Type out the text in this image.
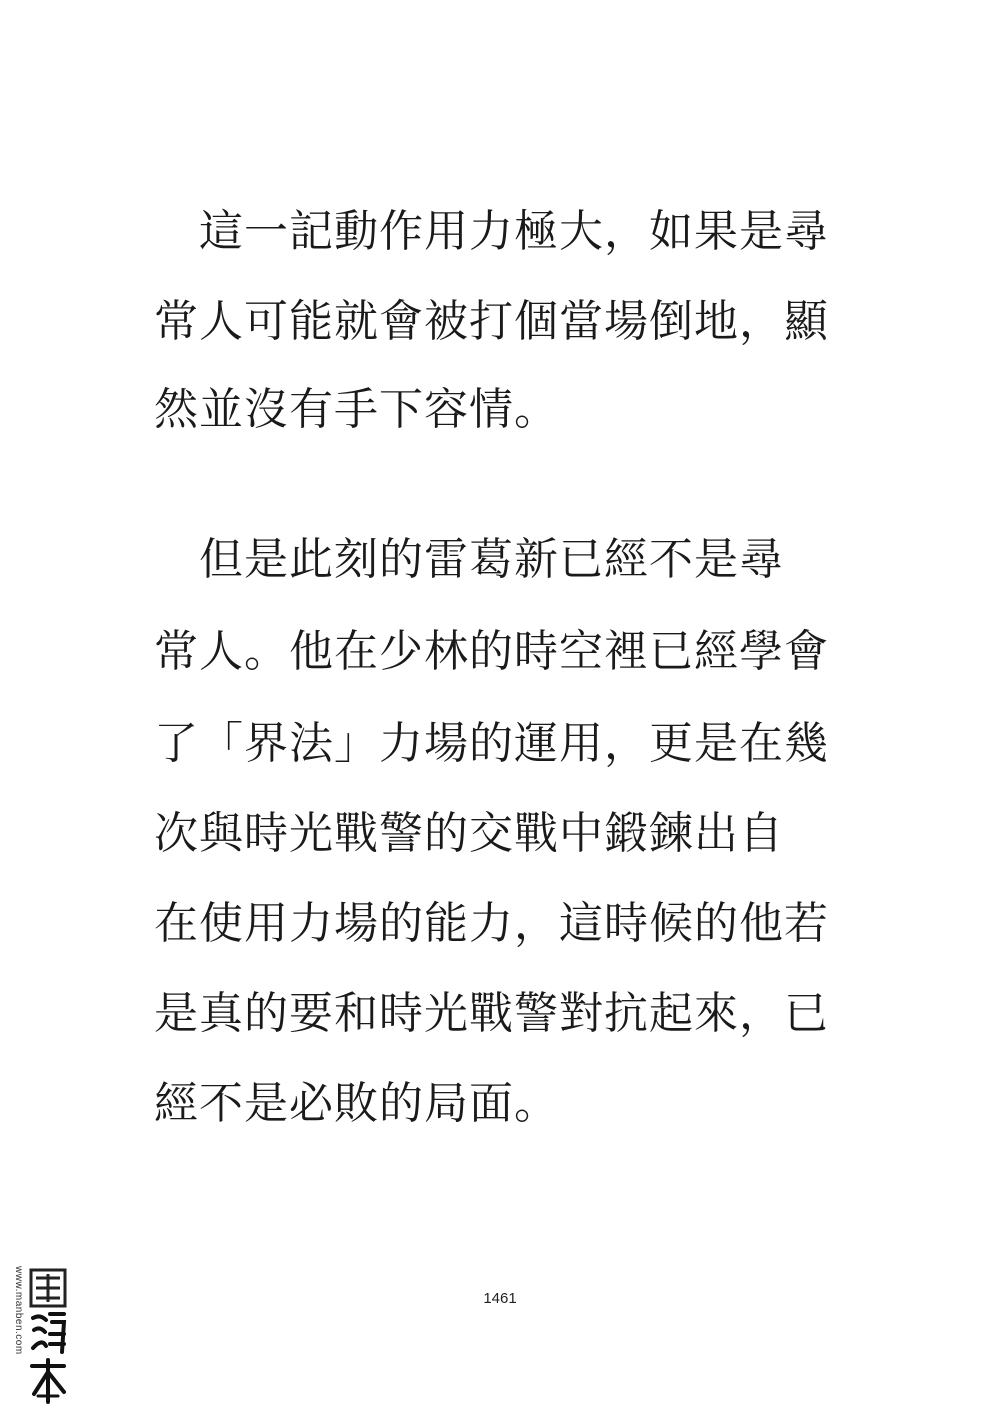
　這一記動作用力極大，如果是尋
常人可能就會被打個當場倒地，顯
然並沒有手下容情。
　但是此刻的雷葛新已經不是尋
常人。他在少林的時空裡已經學會
了「界法」力場的運用，更是在幾
次與時光戰警的交戰中鍛鍊出自
在使用力場的能力，這時候的他若
是真的要和時光戰警對抗起來，已
經不是必敗的局面。
1461
www.manben.com
